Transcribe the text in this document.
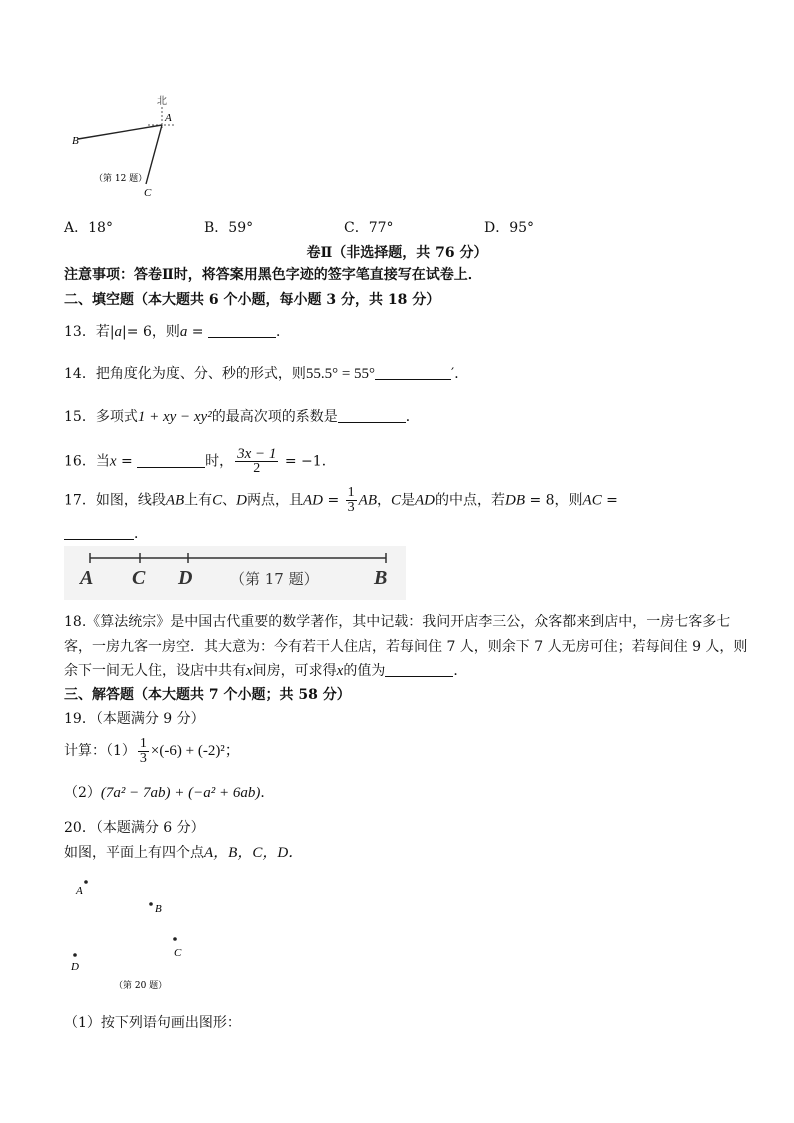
北
A
B
C
（第 12 题）
A．18°	B．59°	C．77°	D．95°
卷Ⅱ（非选择题，共 76 分）
注意事项：答卷Ⅱ时，将答案用黑色字迹的签字笔直接写在试卷上．
二、填空题（本大题共 6 个小题，每小题 3 分，共 18 分）
13．若|a|= 6，则a =	．
14．把角度化为度、分、秒的形式，则55.5° = 55°	′．
15．多项式1 + xy − xy²的最高次项的系数是	．
16．当x =	时， $\frac{3x - 1}{2} = -1$．
17．如图，线段AB上有C、D两点，且AD = $\frac{1}{3}$ AB，C是AD的中点，若DB = 8，则AC =
．
A C D	B
（第 17 题）
18.《算法统宗》是中国古代重要的数学著作，其中记载：我问开店李三公，众客都来到店中，一房七客多七
客，一房九客一房空．其大意为：今有若干人住店，若每间住 7 人，则余下 7 人无房可住；若每间住 9 人，则
余下一间无人住，设店中共有x间房，可求得x的值为	．
三、解答题（本大题共 7 个小题；共 58 分）
19．（本题满分 9 分）
计算：$(1) \frac{1}{3} \times(-6) + (-2)^2$；
（2）(7a² − 7ab) + (−a² + 6ab)．
20．（本题满分 6 分）
如图，平面上有四个点A，B，C，D．
A
B
C
D
（第 20 题）
（1）按下列语句画出图形：
